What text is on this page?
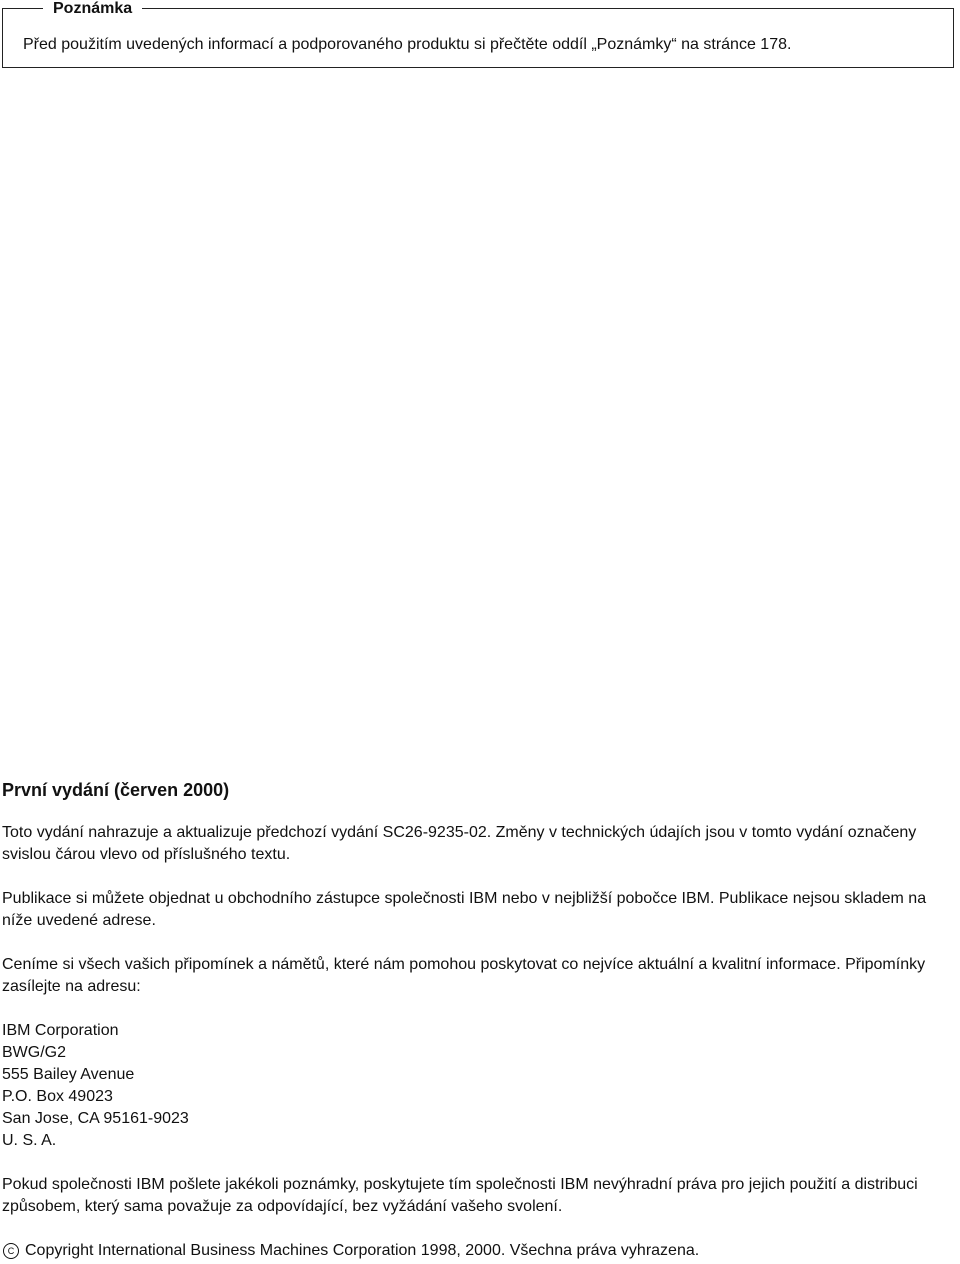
Poznámka
Před použitím uvedených informací a podporovaného produktu si přečtěte oddíl „Poznámky“ na stránce 178.
První vydání (červen 2000)

Toto vydání nahrazuje a aktualizuje předchozí vydání SC26-9235-02. Změny v technických údajích jsou v tomto vydání označeny svislou čárou vlevo od příslušného textu.

Publikace si můžete objednat u obchodního zástupce společnosti IBM nebo v nejbližší pobočce IBM. Publikace nejsou skladem na níže uvedené adrese.

Ceníme si všech vašich připomínek a námětů, které nám pomohou poskytovat co nejvíce aktuální a kvalitní informace. Připomínky zasílejte na adresu:

IBM Corporation
BWG/G2
555 Bailey Avenue
P.O. Box 49023
San Jose, CA 95161-9023
U. S. A.

Pokud společnosti IBM pošlete jakékoli poznámky, poskytujete tím společnosti IBM nevýhradní práva pro jejich použití a distribuci způsobem, který sama považuje za odpovídající, bez vyžádání vašeho svolení.

C Copyright International Business Machines Corporation 1998, 2000. Všechna práva vyhrazena.
